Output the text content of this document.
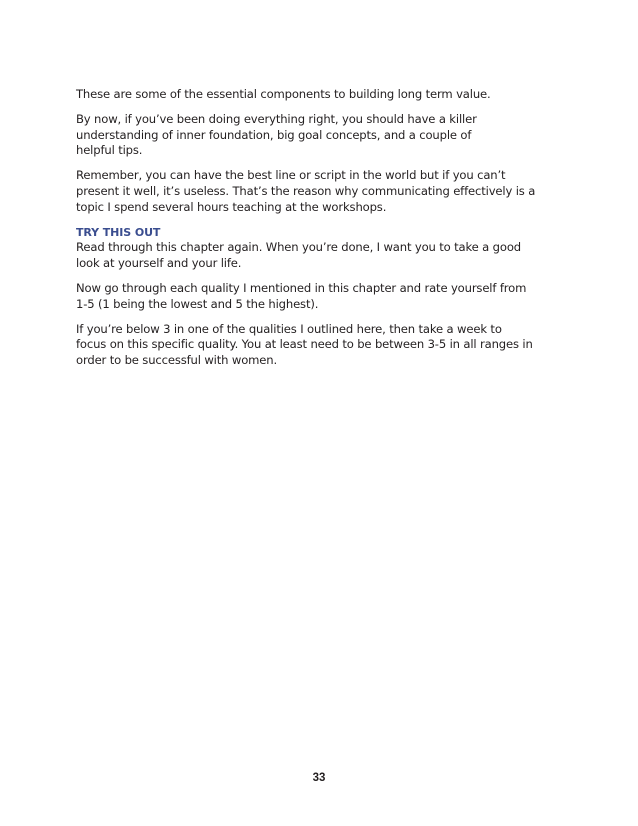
These are some of the essential components to building long term value.

By now, if you’ve been doing everything right, you should have a killer
understanding of inner foundation, big goal concepts, and a couple of
helpful tips.

Remember, you can have the best line or script in the world but if you can’t
present it well, it’s useless. That’s the reason why communicating effectively is a
topic I spend several hours teaching at the workshops.

TRY THIS OUT
Read through this chapter again. When you’re done, I want you to take a good
look at yourself and your life.

Now go through each quality I mentioned in this chapter and rate yourself from
1-5 (1 being the lowest and 5 the highest).

If you’re below 3 in one of the qualities I outlined here, then take a week to
focus on this specific quality. You at least need to be between 3-5 in all ranges in
order to be successful with women.

33
